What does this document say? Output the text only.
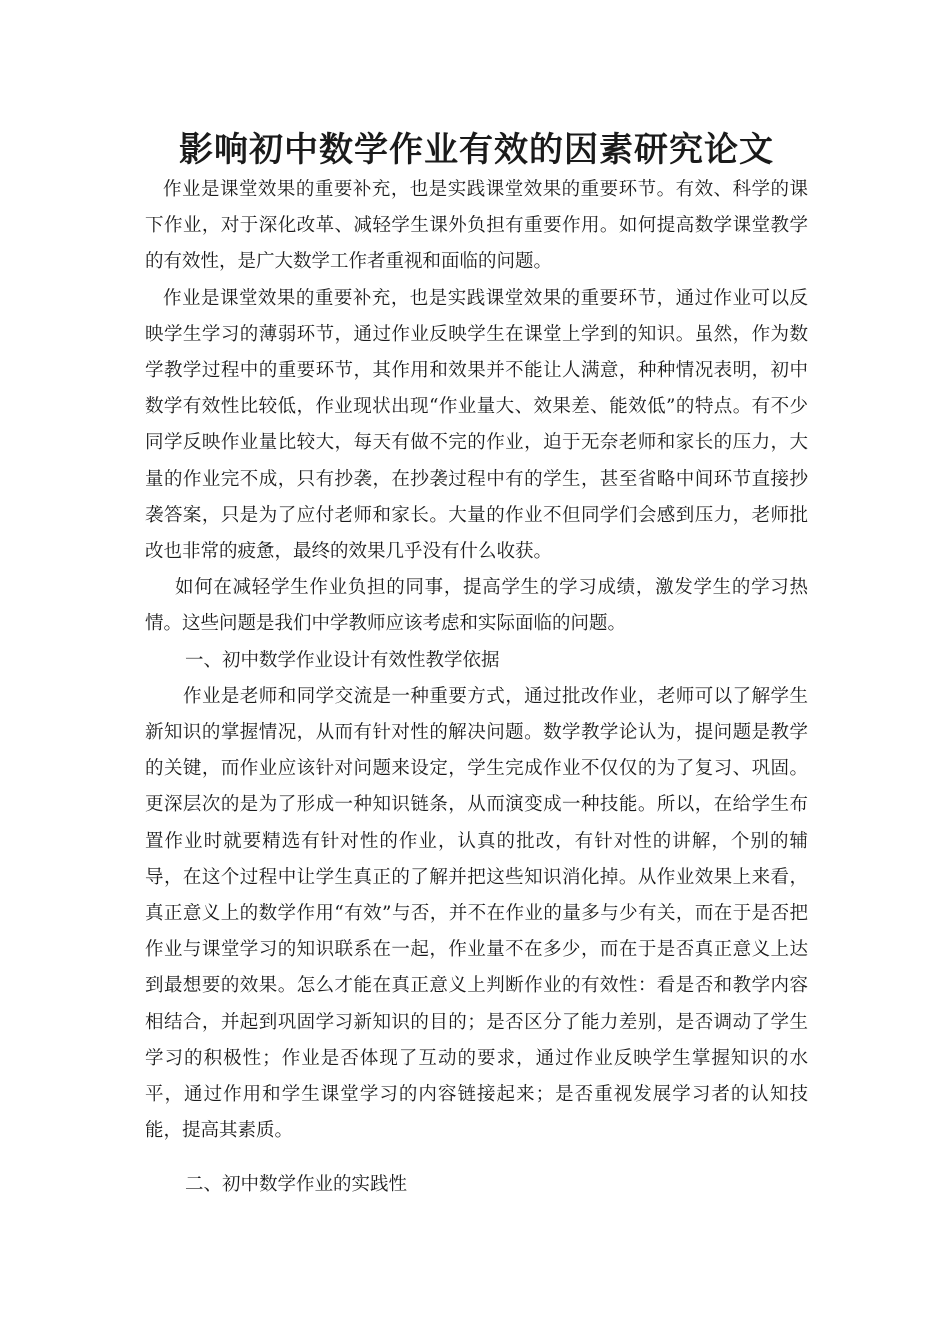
影响初中数学作业有效的因素研究论文

作业是课堂效果的重要补充，也是实践课堂效果的重要环节。有效、科学的课下作业，对于深化改革、减轻学生课外负担有重要作用。如何提高数学课堂教学的有效性，是广大数学工作者重视和面临的问题。

作业是课堂效果的重要补充，也是实践课堂效果的重要环节，通过作业可以反映学生学习的薄弱环节，通过作业反映学生在课堂上学到的知识。虽然，作为数学教学过程中的重要环节，其作用和效果并不能让人满意，种种情况表明，初中数学有效性比较低，作业现状出现“作业量大、效果差、能效低”的特点。有不少同学反映作业量比较大，每天有做不完的作业，迫于无奈老师和家长的压力，大量的作业完不成，只有抄袭，在抄袭过程中有的学生，甚至省略中间环节直接抄袭答案，只是为了应付老师和家长。大量的作业不但同学们会感到压力，老师批改也非常的疲惫，最终的效果几乎没有什么收获。

如何在减轻学生作业负担的同事，提高学生的学习成绩，激发学生的学习热情。这些问题是我们中学教师应该考虑和实际面临的问题。

一、初中数学作业设计有效性教学依据

作业是老师和同学交流是一种重要方式，通过批改作业，老师可以了解学生新知识的掌握情况，从而有针对性的解决问题。数学教学论认为，提问题是教学的关键，而作业应该针对问题来设定，学生完成作业不仅仅的为了复习、巩固。更深层次的是为了形成一种知识链条，从而演变成一种技能。所以，在给学生布置作业时就要精选有针对性的作业，认真的批改，有针对性的讲解，个别的辅导，在这个过程中让学生真正的了解并把这些知识消化掉。从作业效果上来看，真正意义上的数学作用“有效”与否，并不在作业的量多与少有关，而在于是否把作业与课堂学习的知识联系在一起，作业量不在多少，而在于是否真正意义上达到最想要的效果。怎么才能在真正意义上判断作业的有效性：看是否和教学内容相结合，并起到巩固学习新知识的目的；是否区分了能力差别，是否调动了学生学习的积极性；作业是否体现了互动的要求，通过作业反映学生掌握知识的水平，通过作用和学生课堂学习的内容链接起来；是否重视发展学习者的认知技能，提高其素质。

二、初中数学作业的实践性
